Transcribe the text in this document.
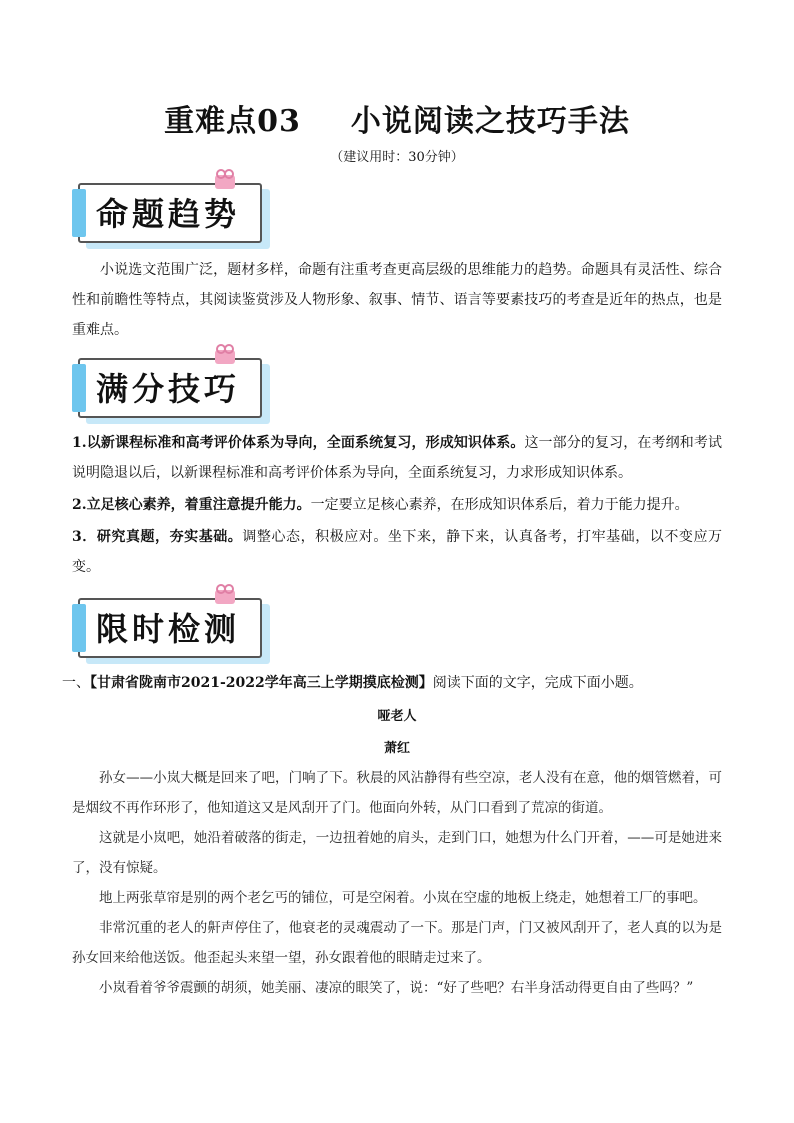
重难点03 小说阅读之技巧手法
（建议用时：30分钟）
命题趋势
小说选文范围广泛，题材多样，命题有注重考查更高层级的思维能力的趋势。命题具有灵活性、综合性和前瞻性等特点，其阅读鉴赏涉及人物形象、叙事、情节、语言等要素技巧的考查是近年的热点，也是重难点。
满分技巧
1.以新课程标准和高考评价体系为导向，全面系统复习，形成知识体系。这一部分的复习，在考纲和考试说明隐退以后，以新课程标准和高考评价体系为导向，全面系统复习，力求形成知识体系。
2.立足核心素养，着重注意提升能力。一定要立足核心素养，在形成知识体系后，着力于能力提升。
3．研究真题，夯实基础。调整心态，积极应对。坐下来，静下来，认真备考，打牢基础，以不变应万变。
限时检测
一、【甘肃省陇南市2021-2022学年高三上学期摸底检测】阅读下面的文字，完成下面小题。
哑老人
萧红
孙女——小岚大概是回来了吧，门响了下。秋晨的风沾静得有些空凉，老人没有在意，他的烟管燃着，可是烟纹不再作环形了，他知道这又是风刮开了门。他面向外转，从门口看到了荒凉的街道。
这就是小岚吧，她沿着破落的街走，一边扭着她的肩头，走到门口，她想为什么门开着，——可是她进来了，没有惊疑。
地上两张草帘是别的两个老乞丐的铺位，可是空闲着。小岚在空虚的地板上绕走，她想着工厂的事吧。
非常沉重的老人的鼾声停住了，他衰老的灵魂震动了一下。那是门声，门又被风刮开了，老人真的以为是孙女回来给他送饭。他歪起头来望一望，孙女跟着他的眼睛走过来了。
小岚看着爷爷震颤的胡须，她美丽、凄凉的眼笑了，说：“好了些吧？右半身活动得更自由了些吗？”
